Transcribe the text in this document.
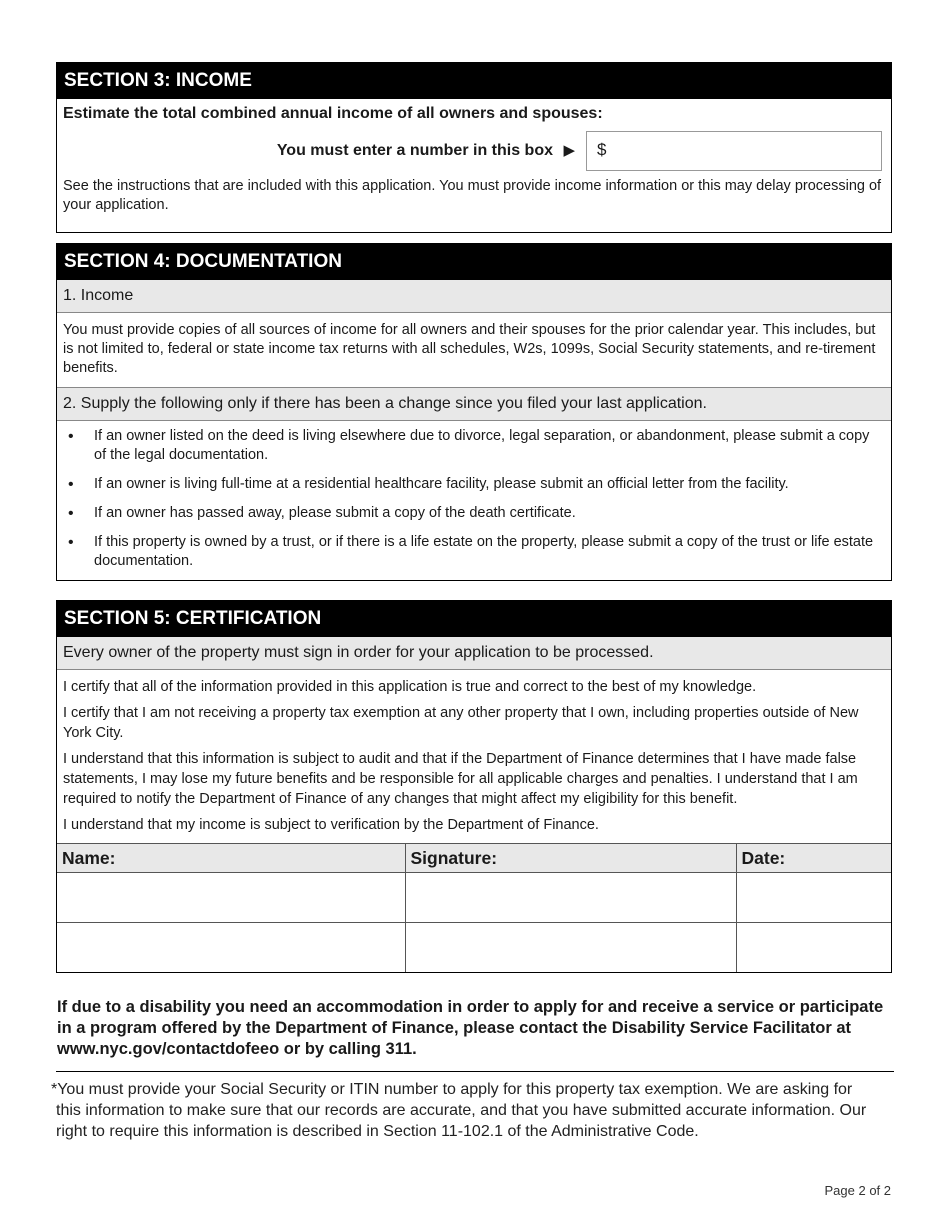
SECTION 3: INCOME
Estimate the total combined annual income of all owners and spouses:
You must enter a number in this box ▶ $
See the instructions that are included with this application. You must provide income information or this may delay processing of your application.
SECTION 4: DOCUMENTATION
1. Income
You must provide copies of all sources of income for all owners and their spouses for the prior calendar year. This includes, but is not limited to, federal or state income tax returns with all schedules, W2s, 1099s, Social Security statements, and re-tirement benefits.
2. Supply the following only if there has been a change since you filed your last application.
• If an owner listed on the deed is living elsewhere due to divorce, legal separation, or abandonment, please submit a copy of the legal documentation.
• If an owner is living full-time at a residential healthcare facility, please submit an official letter from the facility.
• If an owner has passed away, please submit a copy of the death certificate.
• If this property is owned by a trust, or if there is a life estate on the property, please submit a copy of the trust or life estate documentation.
SECTION 5: CERTIFICATION
Every owner of the property must sign in order for your application to be processed.
I certify that all of the information provided in this application is true and correct to the best of my knowledge.
I certify that I am not receiving a property tax exemption at any other property that I own, including properties outside of New York City.
I understand that this information is subject to audit and that if the Department of Finance determines that I have made false statements, I may lose my future benefits and be responsible for all applicable charges and penalties. I understand that I am required to notify the Department of Finance of any changes that might affect my eligibility for this benefit.
I understand that my income is subject to verification by the Department of Finance.
Name:	Signature:	Date:

If due to a disability you need an accommodation in order to apply for and receive a service or participate in a program offered by the Department of Finance, please contact the Disability Service Facilitator at www.nyc.gov/contactdofeeo or by calling 311.
*You must provide your Social Security or ITIN number to apply for this property tax exemption. We are asking for
this information to make sure that our records are accurate, and that you have submitted accurate information. Our right to require this information is described in Section 11-102.1 of the Administrative Code.
Page 2 of 2
